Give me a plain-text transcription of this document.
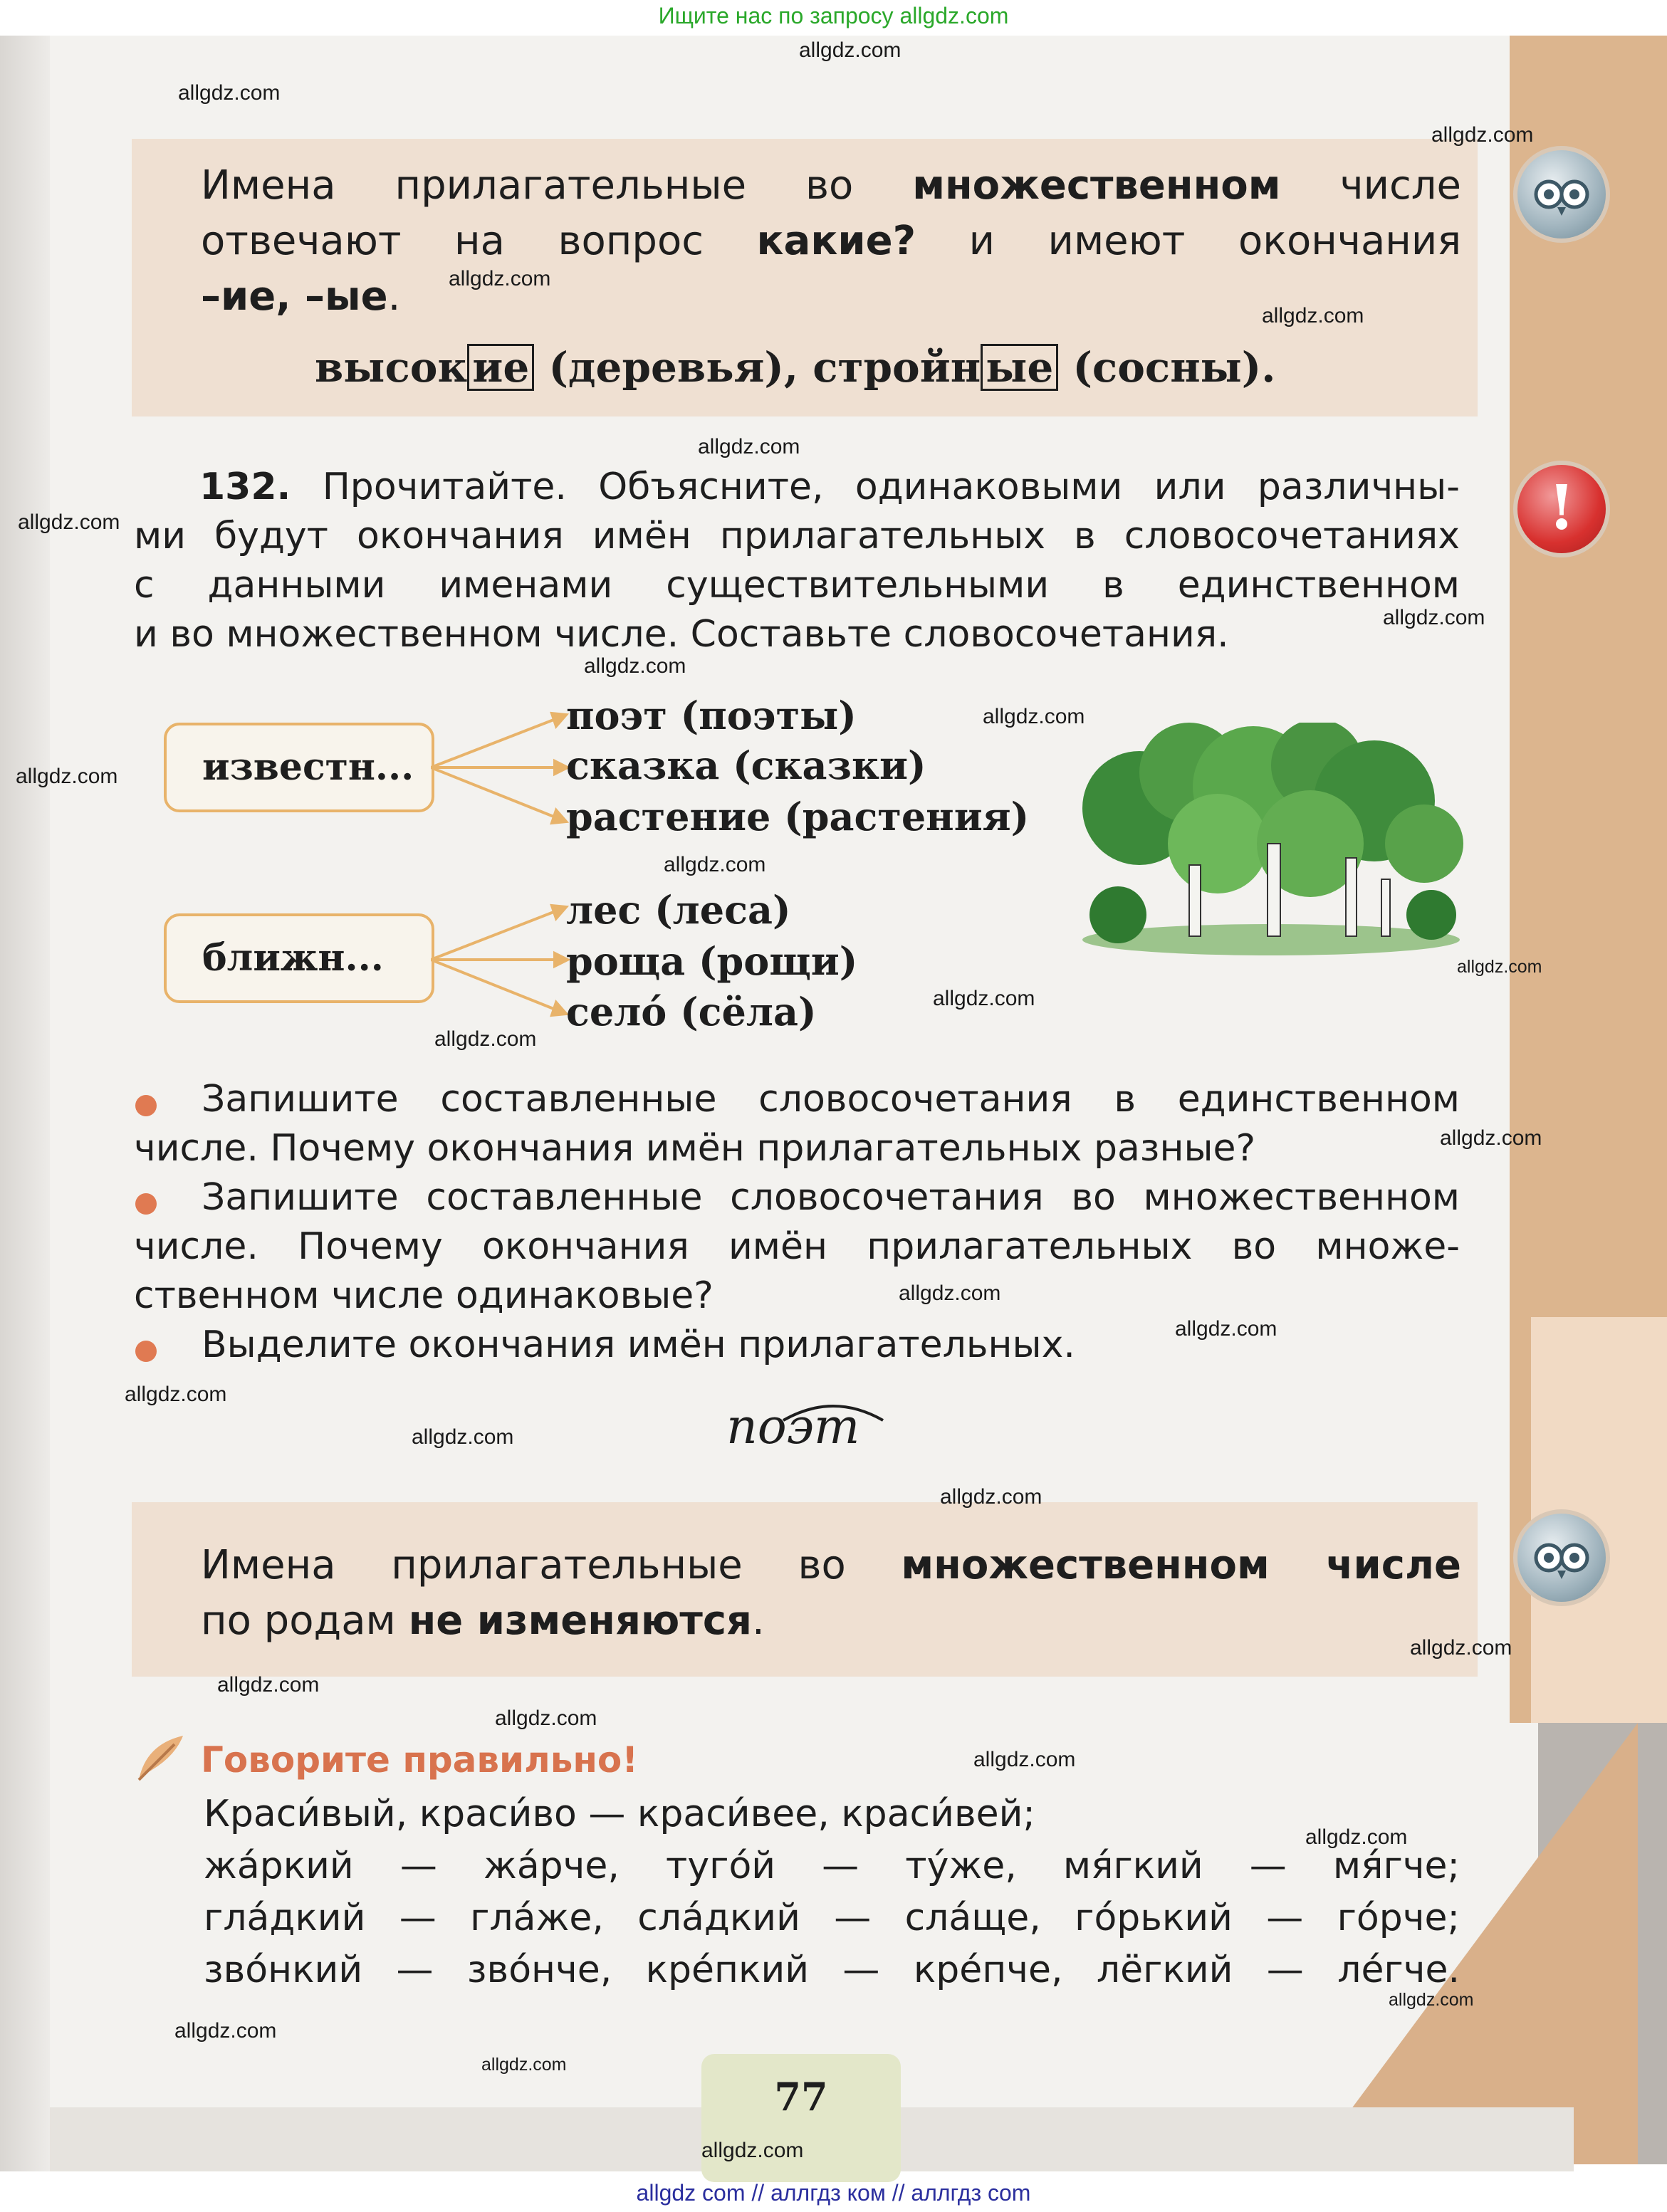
Ищите нас по запросу allgdz.com
Имена прилагательные во множественном числе
отвечают на вопрос какие? и имеют окончания
–ие, –ые.
высок ие (деревья), стройн ые (сосны).
!
132. Прочитайте. Объясните, одинаковыми или различны-
ми будут окончания имён прилагательных в словосочетаниях
с данными именами существительными в единственном
и во множественном числе. Составьте словосочетания.
известн...
поэт (поэты)
сказка (сказки)
растение (растения)
ближн...
лес (леса)
роща (рощи)
село́ (сёла)
Запишите составленные словосочетания в единственном
числе. Почему окончания имён прилагательных разные?
Запишите составленные словосочетания во множественном
числе. Почему окончания имён прилагательных во множе-
ственном числе одинаковые?
Выделите окончания имён прилагательных.
поэт
Имена прилагательные во множественном числе
по родам не изменяются.
Говорите правильно!
Краси́вый, краси́во — краси́вее, краси́вей;
жа́ркий — жа́рче, туго́й — ту́же, мя́гкий — мя́гче;
гла́дкий — гла́же, сла́дкий — сла́ще, го́рький — го́рче;
зво́нкий — зво́нче, кре́пкий — кре́пче, лёгкий — ле́гче.
77
allgdz.com
allgdz.com
allgdz.com
allgdz.com
allgdz.com
allgdz.com
allgdz.com
allgdz.com
allgdz.com
allgdz.com
allgdz.com
allgdz.com
allgdz.com
allgdz.com
allgdz.com
allgdz.com
allgdz.com
allgdz.com
allgdz.com
allgdz.com
allgdz.com
allgdz.com
allgdz.com
allgdz.com
allgdz.com
allgdz.com
allgdz.com
allgdz.com
allgdz.com
allgdz.com
allgdz com // аллгдз ком // аллгдз com
